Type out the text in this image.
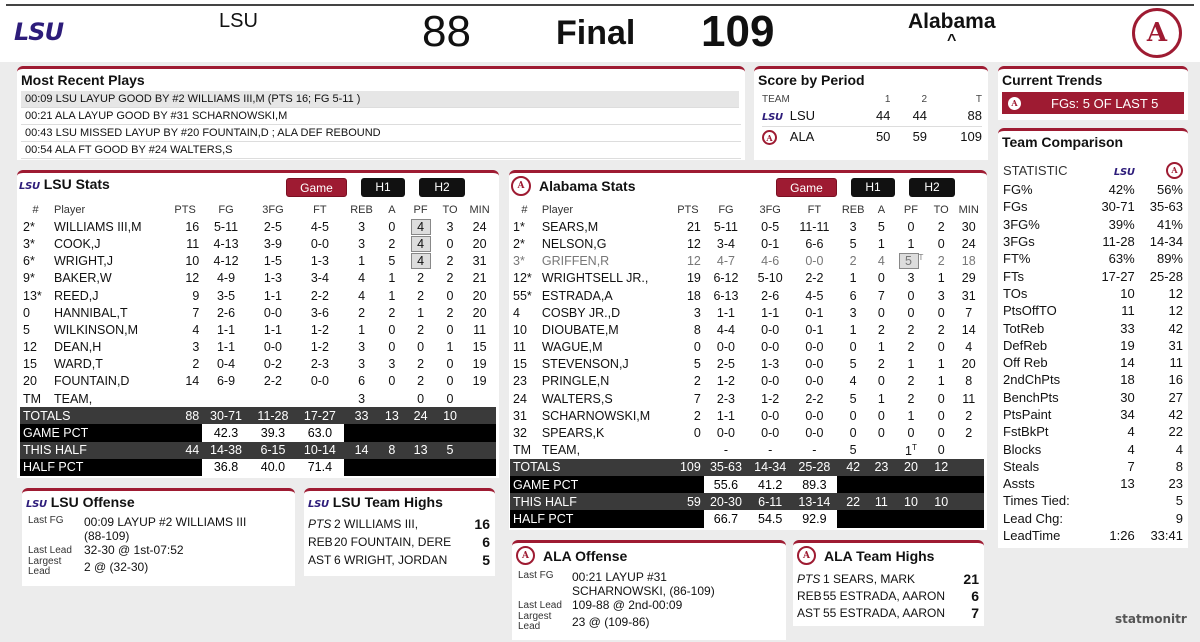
LSU	LSU	88	Final 109	Alabama
^	A
Most Recent Plays
00:09 LSU LAYUP GOOD BY #2 WILLIAMS III,M (PTS 16; FG 5-11 )
00:21 ALA LAYUP GOOD BY #31 SCHARNOWSKI,M
00:43 LSU MISSED LAYUP BY #20 FOUNTAIN,D ; ALA DEF REBOUND
00:54 ALA FT GOOD BY #24 WALTERS,S
Score by Period
TEAM		1	2	T
LSU	LSU	44	44	88
A	ALA	50	59	109
Current Trends
A	FGs: 5 OF LAST 5
Team Comparison
STATISTIC	LSU	A
FG%	42%	56%
FGs	30-71	35-63
3FG%	39%	41%
3FGs	11-28	14-34
FT%	63%	89%
FTs	17-27	25-28
TOs	10	12
PtsOffTO	11	12
TotReb	33	42
DefReb	19	31
Off Reb	14	11
2ndChPts	18	16
BenchPts	30	27
PtsPaint	34	42
FstBkPt	4	22
Blocks	4	4
Steals	7	8
Assts	13	23
Times Tied:		5
Lead Chg:		9
LeadTime	1:26	33:41
LSU LSU Stats	Game	H1	H2
#	Player	PTS	FG	3FG	FT	REB	A	PF	TO	MIN
2*	WILLIAMS III,M	16	5-11	2-5	4-5	3	0	4	3	24
3*	COOK,J	11	4-13	3-9	0-0	3	2	4	0	20
6*	WRIGHT,J	10	4-12	1-5	1-3	1	5	4	2	31
9*	BAKER,W	12	4-9	1-3	3-4	4	1	2	2	21
13*	REED,J	9	3-5	1-1	2-2	4	1	2	0	20
0	HANNIBAL,T	7	2-6	0-0	3-6	2	2	1	2	20
5	WILKINSON,M	4	1-1	1-1	1-2	1	0	2	0	11
12	DEAN,H	3	1-1	0-0	1-2	3	0	0	1	15
15	WARD,T	2	0-4	0-2	2-3	3	3	2	0	19
20	FOUNTAIN,D	14	6-9	2-2	0-0	6	0	2	0	19
TM	TEAM,					3		0	0	
TOTALS		88	30-71	11-28	17-27	33	13	24	10	
GAME PCT			42.3	39.3	63.0					
THIS HALF		44	14-38	6-15	10-14	14	8	13	5	
HALF PCT			36.8	40.0	71.4					
A	Alabama Stats	Game	H1	H2
#	Player	PTS	FG	3FG	FT	REB	A	PF	TO	MIN
1*	SEARS,M	21	5-11	0-5	11-11	3	5	0	2	30
2*	NELSON,G	12	3-4	0-1	6-6	5	1	1	0	24
3*	GRIFFEN,R	12	4-7	4-6	0-0	2	4	5 $^T$	2	18
12*	WRIGHTSELL JR.,	19	6-12	5-10	2-2	1	0	3	1	29
55*	ESTRADA,A	18	6-13	2-6	4-5	6	7	0	3	31
4	COSBY JR.,D	3	1-1	1-1	0-1	3	0	0	0	7
10	DIOUBATE,M	8	4-4	0-0	0-1	1	2	2	2	14
11	WAGUE,M	0	0-0	0-0	0-0	0	1	2	0	4
15	STEVENSON,J	5	2-5	1-3	0-0	5	2	1	1	20
23	PRINGLE,N	2	1-2	0-0	0-0	4	0	2	1	8
24	WALTERS,S	7	2-3	1-2	2-2	5	1	2	0	11
31	SCHARNOWSKI,M	2	1-1	0-0	0-0	0	0	1	0	2
32	SPEARS,K	0	0-0	0-0	0-0	0	0	0	0	2
TM	TEAM,		-	-	-	5		$1^T$	0	
TOTALS		109	35-63	14-34	25-28	42	23	20	12	
GAME PCT			55.6	41.2	89.3					
THIS HALF		59	20-30	6-11	13-14	22	11	10	10	
HALF PCT			66.7	54.5	92.9					
LSU LSU Offense
Last FG	00:09 LAYUP #2 WILLIAMS III (88-109)
Last Lead	32-30 @ 1st-07:52
Largest Lead	2 @ (32-30)
LSU LSU Team Highs
PTS	2 WILLIAMS III,	16
REB	20 FOUNTAIN, DERE	6
AST	6 WRIGHT, JORDAN	5	A	ALA Offense
Last FG	00:21 LAYUP #31 SCHARNOWSKI, (86-109)
Last Lead	109-88 @ 2nd-00:09
Largest Lead	23 @ (109-86)
A	ALA Team Highs
PTS	1 SEARS, MARK	21
REB	55 ESTRADA, AARON	6
AST	55 ESTRADA, AARON	7	statmonitr
